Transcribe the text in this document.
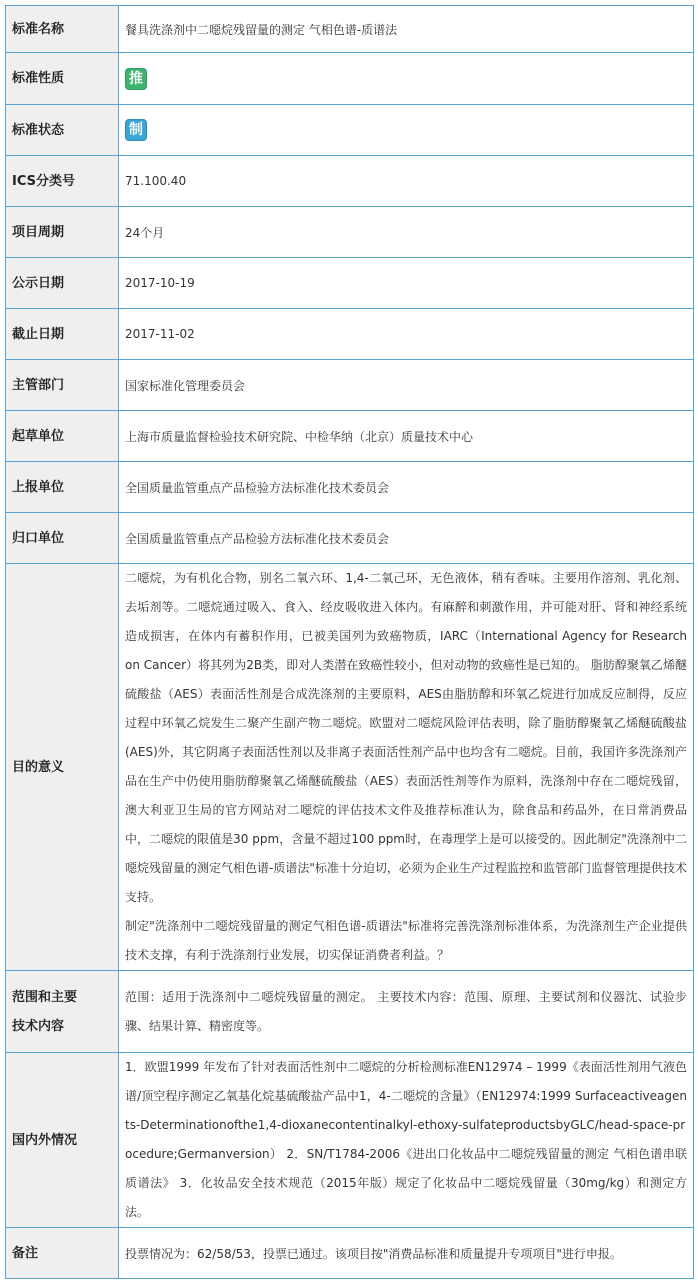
标准名称	餐具洗涤剂中二噁烷残留量的测定 气相色谱-质谱法
标准性质	推
标准状态	制
ICS分类号	71.100.40
项目周期	24个月
公示日期	2017-10-19
截止日期	2017-11-02
主管部门	国家标准化管理委员会
起草单位	上海市质量监督检验技术研究院、中检华纳（北京）质量技术中心
上报单位	全国质量监管重点产品检验方法标准化技术委员会
归口单位	全国质量监管重点产品检验方法标准化技术委员会
目的意义	二噁烷，为有机化合物，别名二氧六环、1,4-二氧己环，无色液体，稍有香味。主要用作溶剂、乳化剂、去垢剂等。二噁烷通过吸入、食入、经皮吸收进入体内。有麻醉和刺激作用，并可能对肝、肾和神经系统造成损害，在体内有蓄积作用，已被美国列为致癌物质，IARC（International Agency for Research on Cancer）将其列为2B类，即对人类潜在致癌性较小，但对动物的致癌性是已知的。 脂肪醇聚氧乙烯醚硫酸盐（AES）表面活性剂是合成洗涤剂的主要原料，AES由脂肪醇和环氧乙烷进行加成反应制得，反应过程中环氧乙烷发生二聚产生副产物二噁烷。欧盟对二噁烷风险评估表明，除了脂肪醇聚氧乙烯醚硫酸盐(AES)外，其它阴离子表面活性剂以及非离子表面活性剂产品中也均含有二噁烷。目前，我国许多洗涤剂产品在生产中仍使用脂肪醇聚氧乙烯醚硫酸盐（AES）表面活性剂等作为原料，洗涤剂中存在二噁烷残留，澳大利亚卫生局的官方网站对二噁烷的评估技术文件及推荐标准认为，除食品和药品外，在日常消费品中，二噁烷的限值是30 ppm，含量不超过100 ppm时，在毒理学上是可以接受的。因此制定"洗涤剂中二噁烷残留量的测定气相色谱-质谱法"标准十分迫切，必须为企业生产过程监控和监管部门监督管理提供技术支持。

制定"洗涤剂中二噁烷残留量的测定气相色谱-质谱法"标准将完善洗涤剂标准体系，为洗涤剂生产企业提供技术支撑，有利于洗涤剂行业发展，切实保证消费者利益。？

范围和主要
技术内容	范围：适用于洗涤剂中二噁烷残留量的测定。 主要技术内容：范围、原理、主要试剂和仪器沈、试验步骤、结果计算、精密度等。

国内外情况	1．欧盟1999 年发布了针对表面活性剂中二噁烷的分析检测标准EN12974 – 1999《表面活性剂用气液色谱/顶空程序测定乙氧基化烷基硫酸盐产品中1，4-二噁烷的含量》（EN12974:1999 Surfaceactiveagents-Determinationofthe1,4-dioxanecontentinalkyl-ethoxy-sulfateproductsbyGLC/head-space-procedure;Germanversion） 2．SN/T1784-2006《进出口化妆品中二噁烷残留量的测定 气相色谱串联质谱法》 3．化妆品安全技术规范（2015年版）规定了化妆品中二噁烷残留量（30mg/kg）和测定方法。

备注	投票情况为：62/58/53，投票已通过。该项目按"消费品标准和质量提升专项项目"进行申报。
